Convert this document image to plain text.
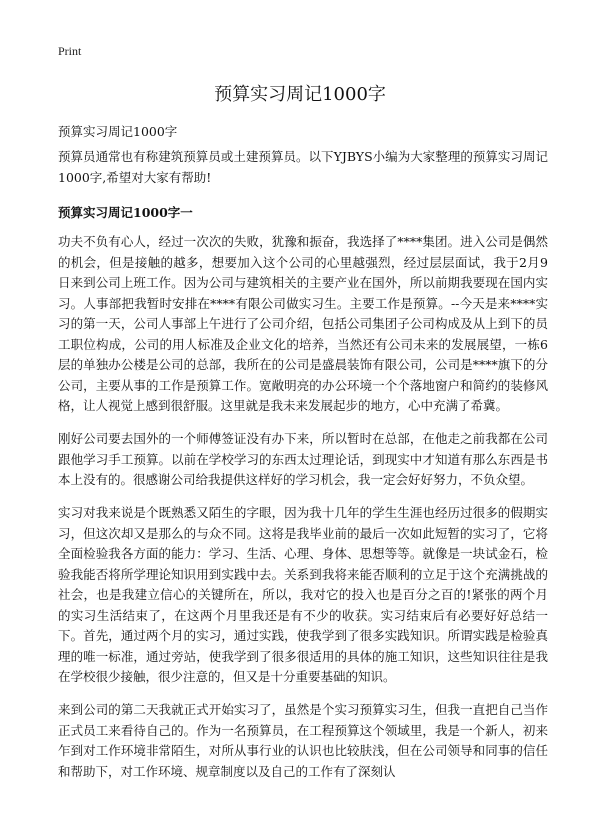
Print
预算实习周记1000字
预算实习周记1000字
预算员通常也有称建筑预算员或土建预算员。以下YJBYS小编为大家整理的预算实习周记1000字,希望对大家有帮助!
预算实习周记1000字一
功夫不负有心人，经过一次次的失败，犹豫和振奋，我选择了****集团。进入公司是偶然的机会，但是接触的越多，想要加入这个公司的心里越强烈，经过层层面试，我于2月9日来到公司上班工作。因为公司与建筑相关的主要产业在国外，所以前期我要现在国内实习。人事部把我暂时安排在****有限公司做实习生。主要工作是预算。--今天是来****实习的第一天，公司人事部上午进行了公司介绍，包括公司集团子公司构成及从上到下的员工职位构成，公司的用人标准及企业文化的培养，当然还有公司未来的发展展望，一栋6层的单独办公楼是公司的总部，我所在的公司是盛晨装饰有限公司，公司是****旗下的分公司，主要从事的工作是预算工作。宽敞明亮的办公环境一个个落地窗户和简约的装修风格，让人视觉上感到很舒服。这里就是我未来发展起步的地方，心中充满了希冀。
刚好公司要去国外的一个师傅签证没有办下来，所以暂时在总部，在他走之前我都在公司跟他学习手工预算。以前在学校学习的东西太过理论话，到现实中才知道有那么东西是书本上没有的。很感谢公司给我提供这样好的学习机会，我一定会好好努力，不负众望。
实习对我来说是个既熟悉又陌生的字眼，因为我十几年的学生生涯也经历过很多的假期实习，但这次却又是那么的与众不同。这将是我毕业前的最后一次如此短暂的实习了，它将全面检验我各方面的能力：学习、生活、心理、身体、思想等等。就像是一块试金石，检验我能否将所学理论知识用到实践中去。关系到我将来能否顺利的立足于这个充满挑战的社会，也是我建立信心的关键所在，所以，我对它的投入也是百分之百的!紧张的两个月的实习生活结束了，在这两个月里我还是有不少的收获。实习结束后有必要好好总结一下。首先，通过两个月的实习，通过实践，使我学到了很多实践知识。所谓实践是检验真理的唯一标准，通过旁站，使我学到了很多很适用的具体的施工知识，这些知识往往是我在学校很少接触，很少注意的，但又是十分重要基础的知识。
来到公司的第二天我就正式开始实习了，虽然是个实习预算实习生，但我一直把自己当作正式员工来看待自己的。作为一名预算员，在工程预算这个领域里，我是一个新人，初来乍到对工作环境非常陌生，对所从事行业的认识也比较肤浅，但在公司领导和同事的信任和帮助下，对工作环境、规章制度以及自己的工作有了深刻认
